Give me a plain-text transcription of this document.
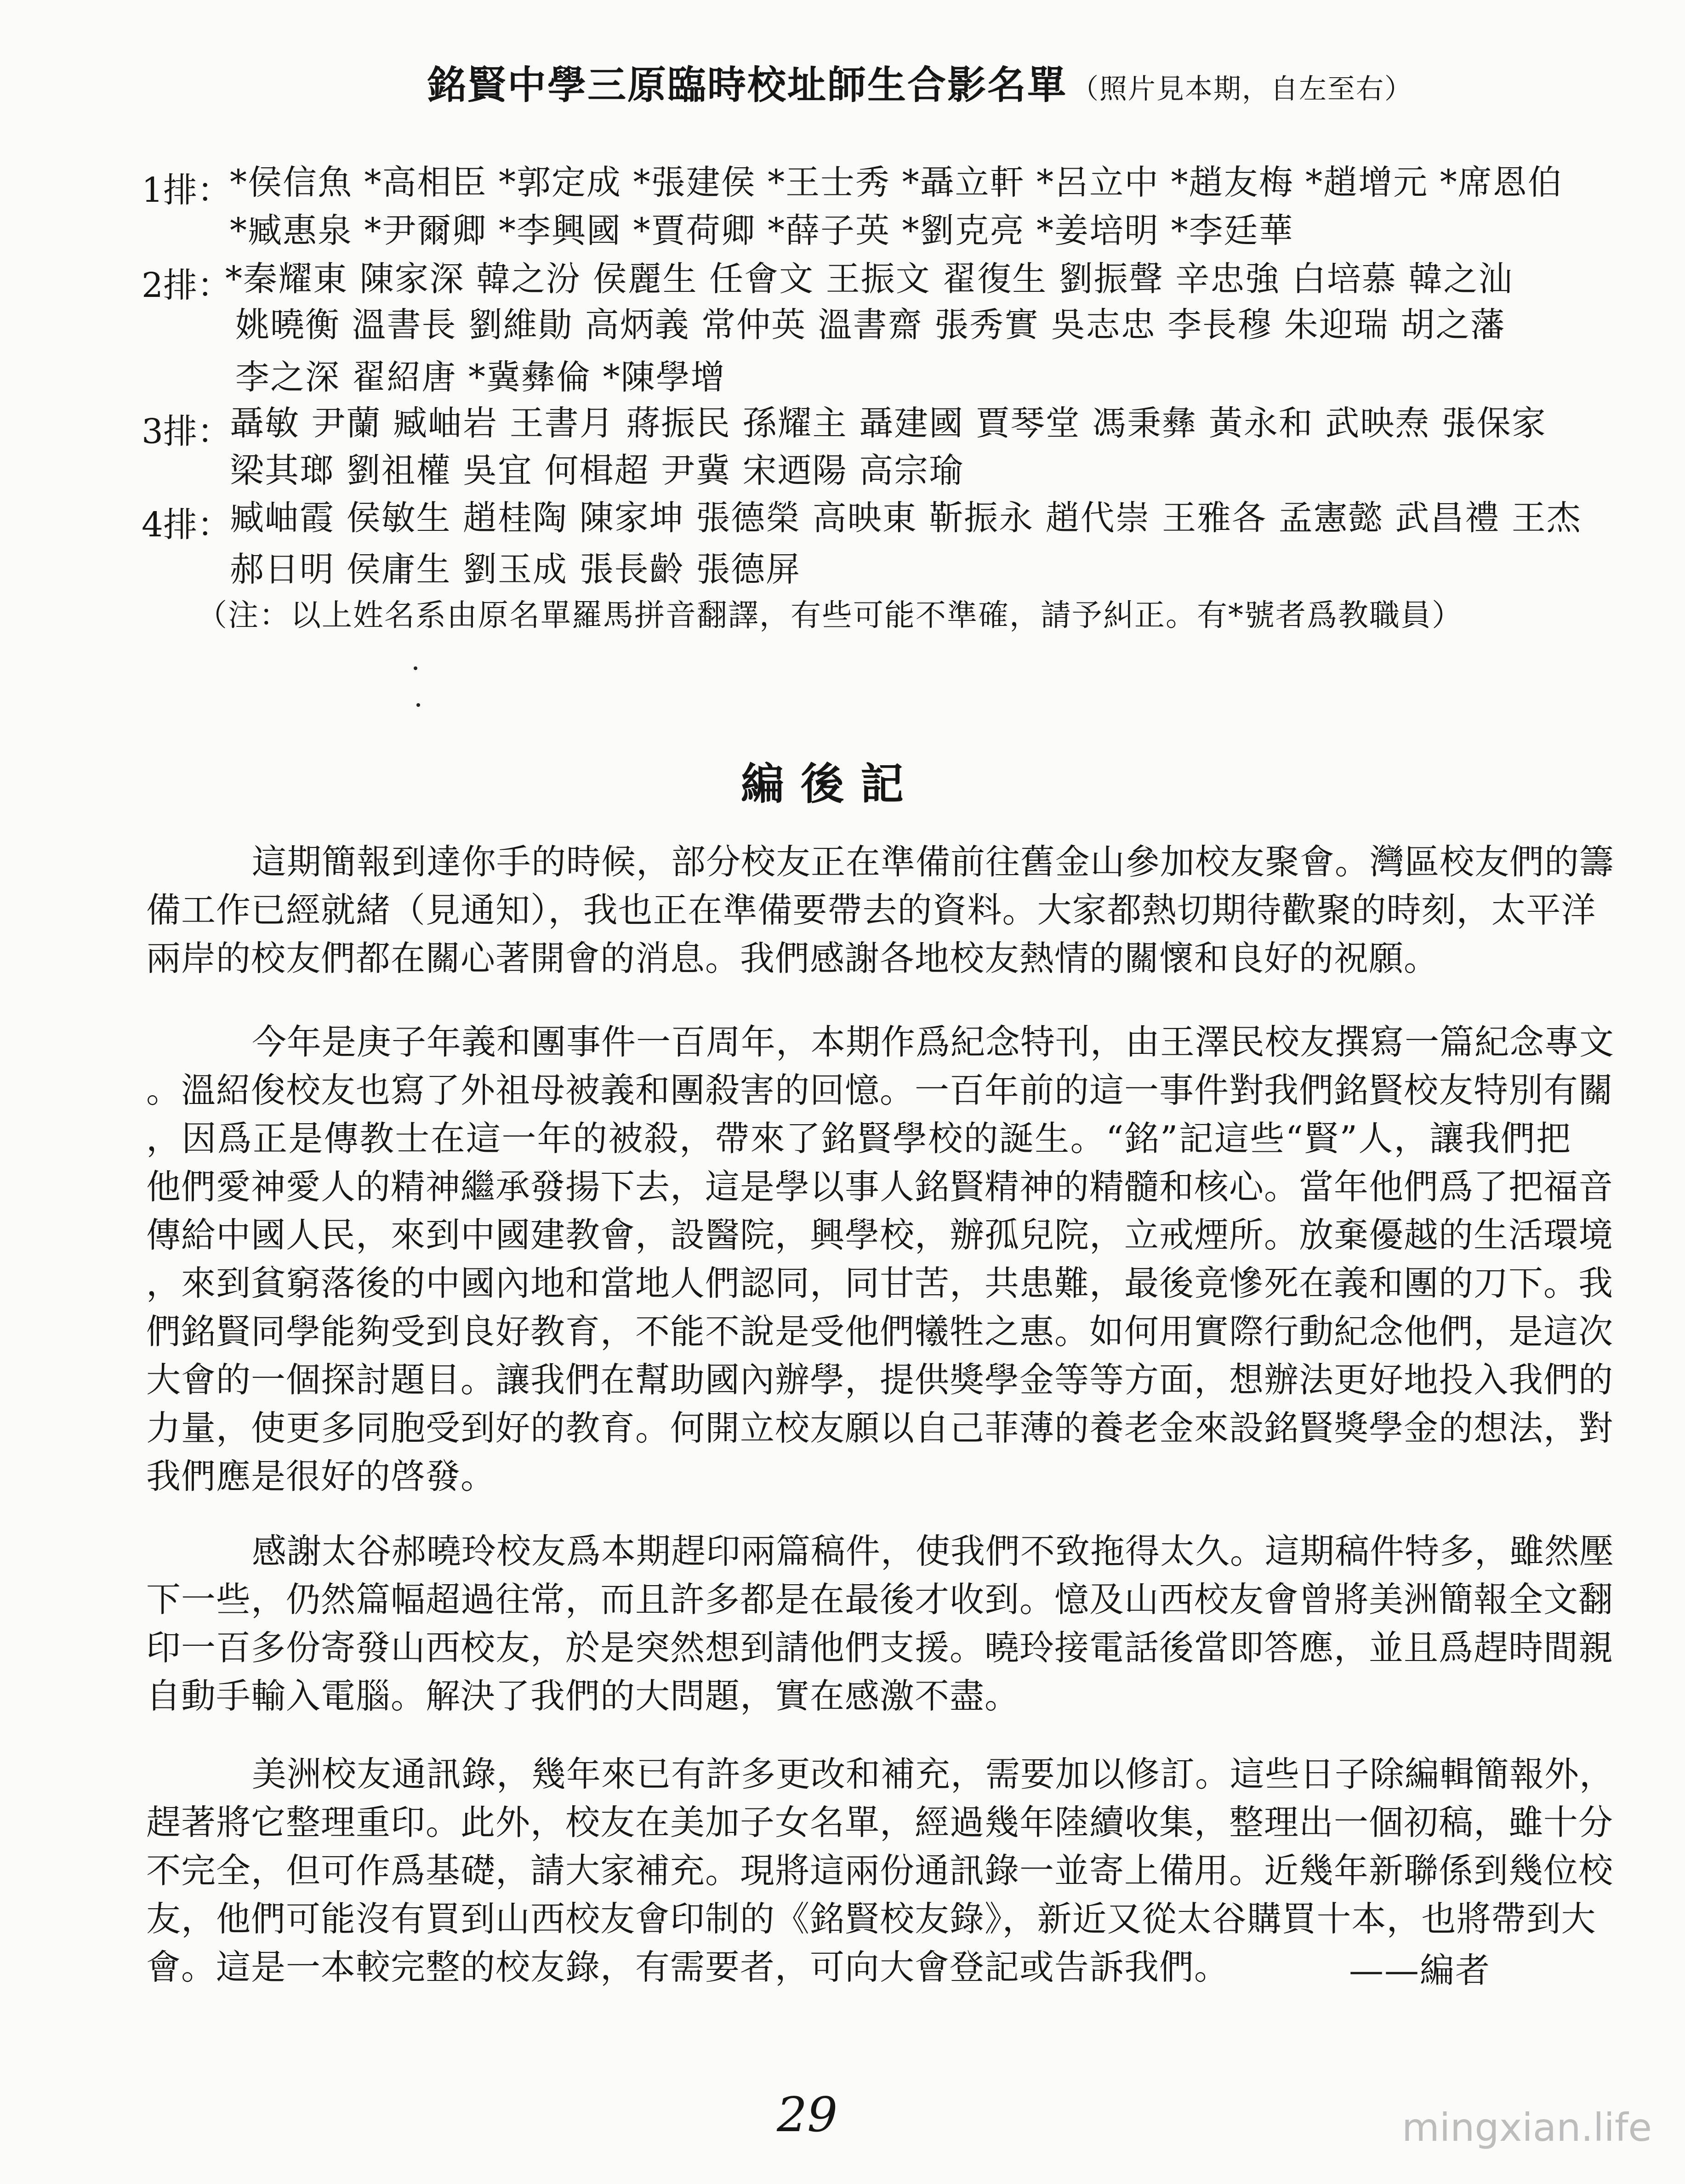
銘賢中學三原臨時校址師生合影名單 （照片見本期，自左至右）
1排：
*侯信魚 *高相臣 *郭定成 *張建侯 *王士秀 *聶立軒 *呂立中 *趙友梅 *趙增元 *席恩伯
*臧惠泉 *尹爾卿 *李興國 *賈荷卿 *薛子英 *劉克亮 *姜培明 *李廷華
2排：
*秦耀東 陳家深 韓之汾 侯麗生 任會文 王振文 翟復生 劉振聲 辛忠強 白培慕 韓之汕
姚曉衡 溫書長 劉維勛 高炳義 常仲英 溫書齋 張秀實 吳志忠 李長穆 朱迎瑞 胡之藩
李之深 翟紹唐 *冀彝倫 *陳學增
3排：
聶敏 尹蘭 臧岫岩 王書月 蔣振民 孫耀主 聶建國 賈琴堂 馮秉彝 黃永和 武映焘 張保家
梁其瑯 劉祖權 吳宜 何楫超 尹冀 宋迺陽 高宗瑜
4排：
臧岫霞 侯敏生 趙桂陶 陳家坤 張德榮 高映東 靳振永 趙代崇 王雅各 孟憲懿 武昌禮 王杰
郝日明 侯庸生 劉玉成 張長齡 張德屏
（注：以上姓名系由原名單羅馬拼音翻譯，有些可能不準確，請予糾正。有*號者爲教職員）
編後記
這期簡報到達你手的時候，部分校友正在準備前往舊金山參加校友聚會。灣區校友們的籌
備工作已經就緒（見通知），我也正在準備要帶去的資料。大家都熱切期待歡聚的時刻，太平洋
兩岸的校友們都在關心著開會的消息。我們感謝各地校友熱情的關懷和良好的祝願。
今年是庚子年義和團事件一百周年，本期作爲紀念特刊，由王澤民校友撰寫一篇紀念專文
。溫紹俊校友也寫了外祖母被義和團殺害的回憶。一百年前的這一事件對我們銘賢校友特別有關
，因爲正是傳教士在這一年的被殺，帶來了銘賢學校的誕生。“銘”記這些“賢”人，讓我們把
他們愛神愛人的精神繼承發揚下去，這是學以事人銘賢精神的精髓和核心。當年他們爲了把福音
傳給中國人民，來到中國建教會，設醫院，興學校，辦孤兒院，立戒煙所。放棄優越的生活環境
，來到貧窮落後的中國內地和當地人們認同，同甘苦，共患難，最後竟慘死在義和團的刀下。我
們銘賢同學能夠受到良好教育，不能不說是受他們犧牲之惠。如何用實際行動紀念他們，是這次
大會的一個探討題目。讓我們在幫助國內辦學，提供獎學金等等方面，想辦法更好地投入我們的
力量，使更多同胞受到好的教育。何開立校友願以自己菲薄的養老金來設銘賢獎學金的想法，對
我們應是很好的啓發。
感謝太谷郝曉玲校友爲本期趕印兩篇稿件，使我們不致拖得太久。這期稿件特多，雖然壓
下一些，仍然篇幅超過往常，而且許多都是在最後才收到。憶及山西校友會曾將美洲簡報全文翻
印一百多份寄發山西校友，於是突然想到請他們支援。曉玲接電話後當即答應，並且爲趕時間親
自動手輸入電腦。解決了我們的大問題，實在感激不盡。
美洲校友通訊錄，幾年來已有許多更改和補充，需要加以修訂。這些日子除編輯簡報外，
趕著將它整理重印。此外，校友在美加子女名單，經過幾年陸續收集，整理出一個初稿，雖十分
不完全，但可作爲基礎，請大家補充。現將這兩份通訊錄一並寄上備用。近幾年新聯係到幾位校
友，他們可能沒有買到山西校友會印制的《銘賢校友錄》，新近又從太谷購買十本，也將帶到大
會。這是一本較完整的校友錄，有需要者，可向大會登記或告訴我們。	——編者
29	mingxian.life
